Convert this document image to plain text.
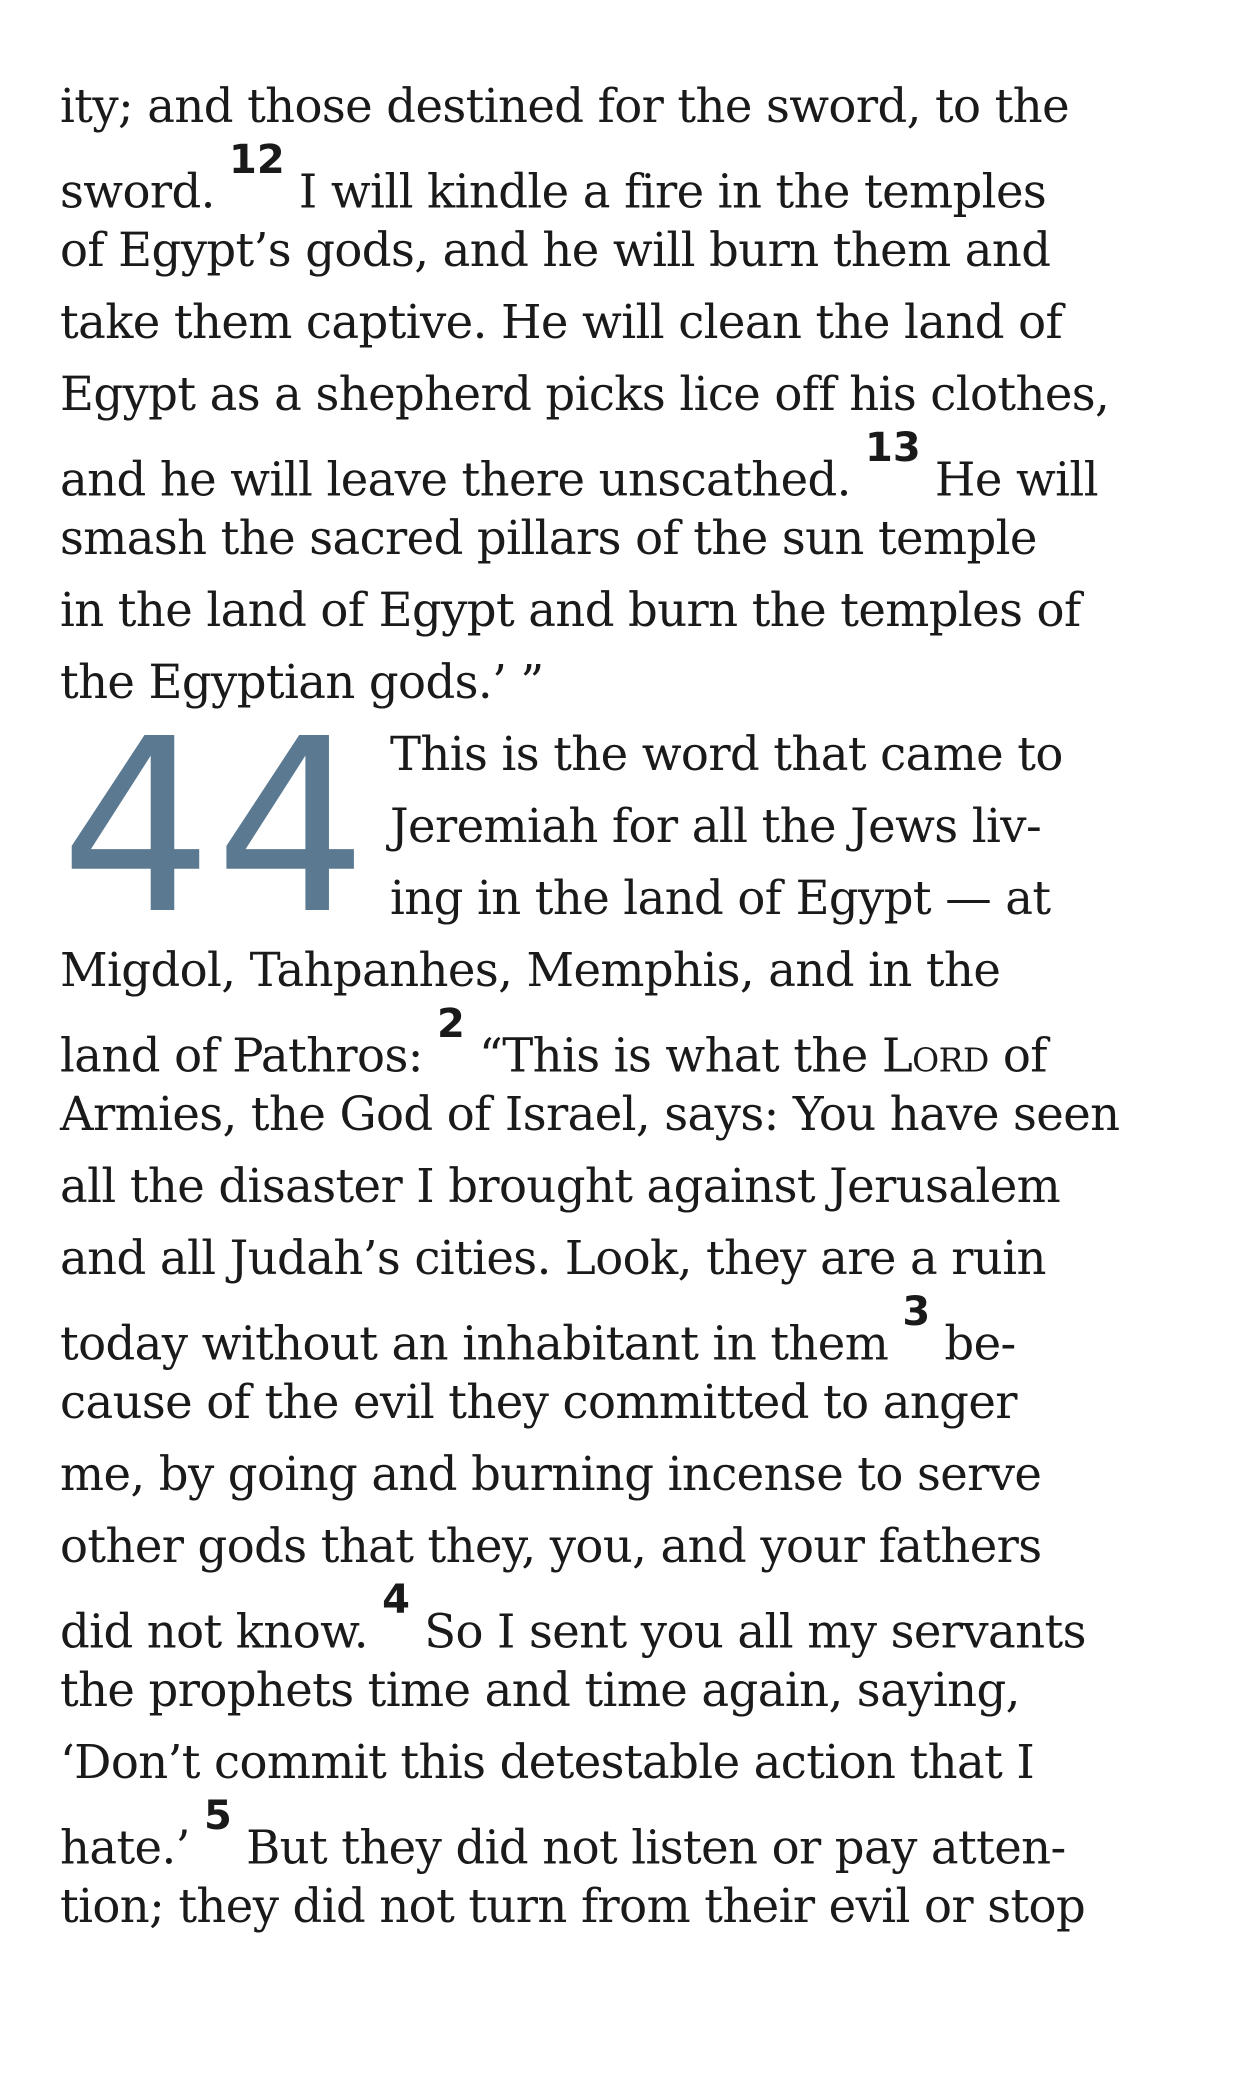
ity; and those destined for the sword, to the
sword. $^{12}$ I will kindle a fire in the temples
of Egypt’s gods, and he will burn them and
take them captive. He will clean the land of
Egypt as a shepherd picks lice off his clothes,
and he will leave there unscathed. $^{13}$ He will
smash the sacred pillars of the sun temple
in the land of Egypt and burn the temples of
the Egyptian gods.’ ”
44 This is the word that came to
Jeremiah for all the Jews liv-
ing in the land of Egypt — at
Migdol, Tahpanhes, Memphis, and in the
land of Pathros: $^2$ “This is what the Lord of
Armies, the God of Israel, says: You have seen
all the disaster I brought against Jerusalem
and all Judah’s cities. Look, they are a ruin
today without an inhabitant in them $^3$ be-
cause of the evil they committed to anger
me, by going and burning incense to serve
other gods that they, you, and your fathers
did not know. $^4$ So I sent you all my servants
the prophets time and time again, saying,
‘Don’t commit this detestable action that I
hate.’ $^5$ But they did not listen or pay atten-
tion; they did not turn from their evil or stop
